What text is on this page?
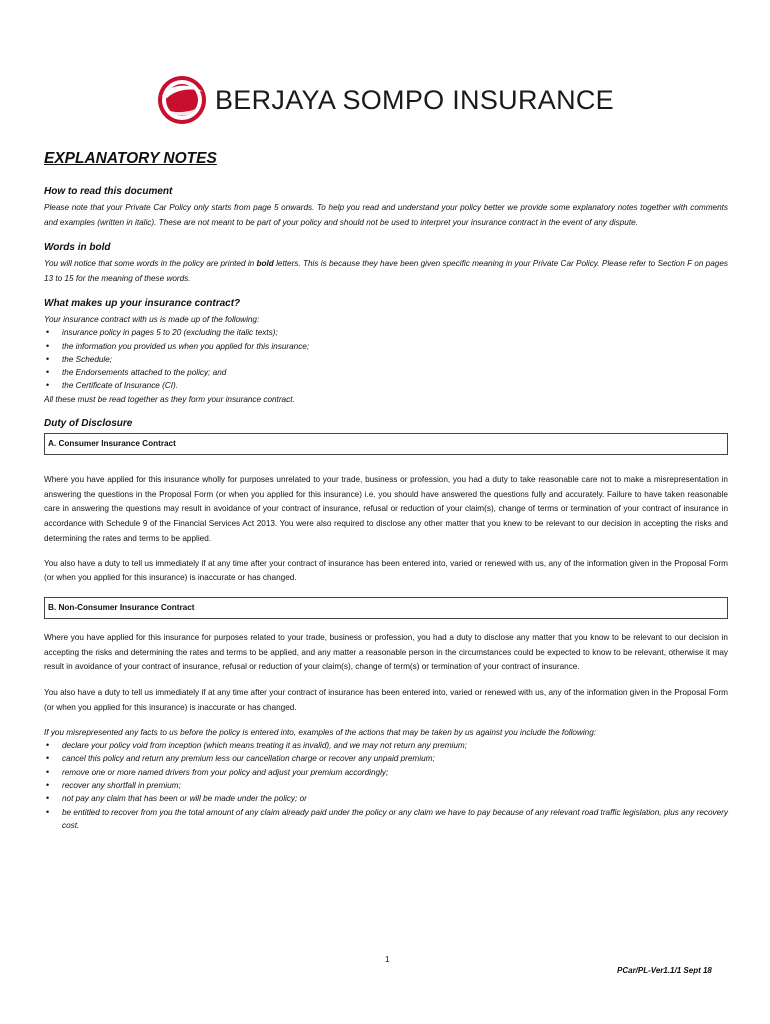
BERJAYA SOMPO INSURANCE
EXPLANATORY NOTES
How to read this document

Please note that your Private Car Policy only starts from page 5 onwards. To help you read and understand your policy better we provide some explanatory notes together with comments and examples (written in italic). These are not meant to be part of your policy and should not be used to interpret your insurance contract in the event of any dispute.

Words in bold

You will notice that some words in the policy are printed in bold letters. This is because they have been given specific meaning in your Private Car Policy. Please refer to Section F on pages 13 to 15 for the meaning of these words.

What makes up your insurance contract?

Your insurance contract with us is made up of the following:

• insurance policy in pages 5 to 20 (excluding the italic texts);
• the information you provided us when you applied for this insurance;
• the Schedule;
• the Endorsements attached to the policy; and
• the Certificate of Insurance (CI).

All these must be read together as they form your insurance contract.

Duty of Disclosure
A. Consumer Insurance Contract

Where you have applied for this insurance wholly for purposes unrelated to your trade, business or profession, you had a duty to take reasonable care not to make a misrepresentation in answering the questions in the Proposal Form (or when you applied for this insurance) i.e. you should have answered the questions fully and accurately. Failure to have taken reasonable care in answering the questions may result in avoidance of your contract of insurance, refusal or reduction of your claim(s), change of terms or termination of your contract of insurance in accordance with Schedule 9 of the Financial Services Act 2013. You were also required to disclose any other matter that you knew to be relevant to our decision in accepting the risks and determining the rates and terms to be applied.

You also have a duty to tell us immediately if at any time after your contract of insurance has been entered into, varied or renewed with us, any of the information given in the Proposal Form (or when you applied for this insurance) is inaccurate or has changed.

B. Non-Consumer Insurance Contract

Where you have applied for this insurance for purposes related to your trade, business or profession, you had a duty to disclose any matter that you know to be relevant to our decision in accepting the risks and determining the rates and terms to be applied, and any matter a reasonable person in the circumstances could be expected to know to be relevant, otherwise it may result in avoidance of your contract of insurance, refusal or reduction of your claim(s), change of term(s) or termination of your contract of insurance.

You also have a duty to tell us immediately if at any time after your contract of insurance has been entered into, varied or renewed with us, any of the information given in the Proposal Form (or when you applied for this insurance) is inaccurate or has changed.

If you misrepresented any facts to us before the policy is entered into, examples of the actions that may be taken by us against you include the following:

• declare your policy void from inception (which means treating it as invalid), and we may not return any premium;
• cancel this policy and return any premium less our cancellation charge or recover any unpaid premium;
• remove one or more named drivers from your policy and adjust your premium accordingly;
• recover any shortfall in premium;
• not pay any claim that has been or will be made under the policy; or
• be entitled to recover from you the total amount of any claim already paid under the policy or any claim we have to pay because of any relevant road traffic legislation, plus any recovery cost.
1
PCar/PL-Ver1.1/1 Sept 18
